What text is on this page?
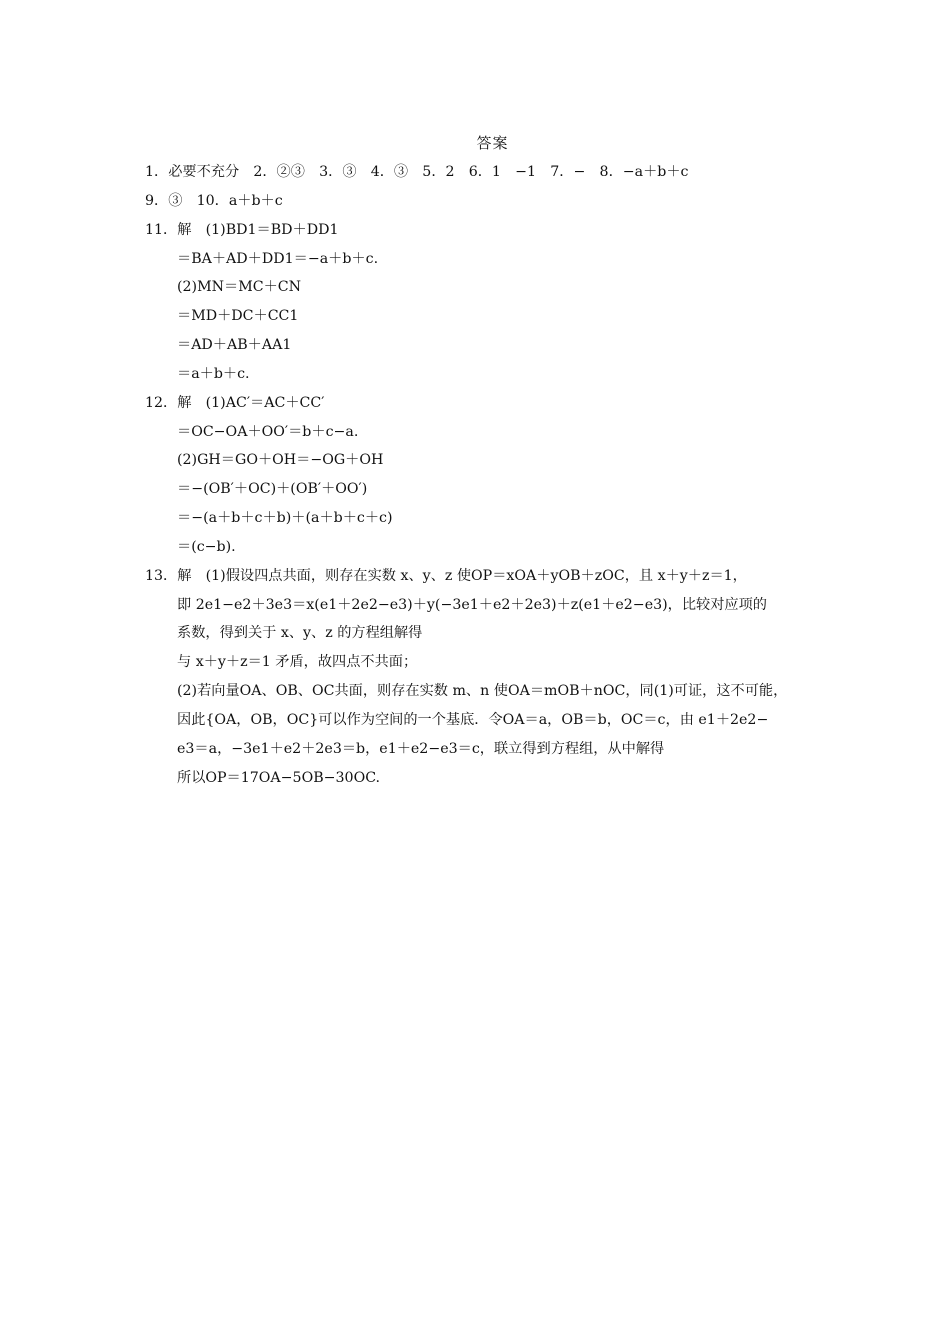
答案
1．必要不充分　2．②③　3．③　4．③　5．2　6．1　−1　7．−　8．−a＋b＋c
9．③　10．a＋b＋c
11．解　(1)BD1＝BD＋DD1
＝BA＋AD＋DD1＝−a＋b＋c.
(2)MN＝MC＋CN
＝MD＋DC＋CC1
＝AD＋AB＋AA1
＝a＋b＋c.
12．解　(1)AC′＝AC＋CC′
＝OC−OA＋OO′＝b＋c−a.
(2)GH＝GO＋OH＝−OG＋OH
＝−(OB′＋OC)＋(OB′＋OO′)
＝−(a＋b＋c＋b)＋(a＋b＋c＋c)
＝(c−b).
13．解　(1)假设四点共面，则存在实数 x、y、z 使OP＝xOA＋yOB＋zOC，且 x＋y＋z＝1，
即 2e1−e2＋3e3＝x(e1＋2e2−e3)＋y(−3e1＋e2＋2e3)＋z(e1＋e2−e3)，比较对应项的
系数，得到关于 x、y、z 的方程组解得
与 x＋y＋z＝1 矛盾，故四点不共面；
(2)若向量OA、OB、OC共面，则存在实数 m、n 使OA＝mOB＋nOC，同(1)可证，这不可能，
因此{OA，OB，OC}可以作为空间的一个基底．令OA＝a，OB＝b，OC＝c，由 e1＋2e2−
e3＝a，−3e1＋e2＋2e3＝b，e1＋e2−e3＝c，联立得到方程组，从中解得
所以OP＝17OA−5OB−30OC.
